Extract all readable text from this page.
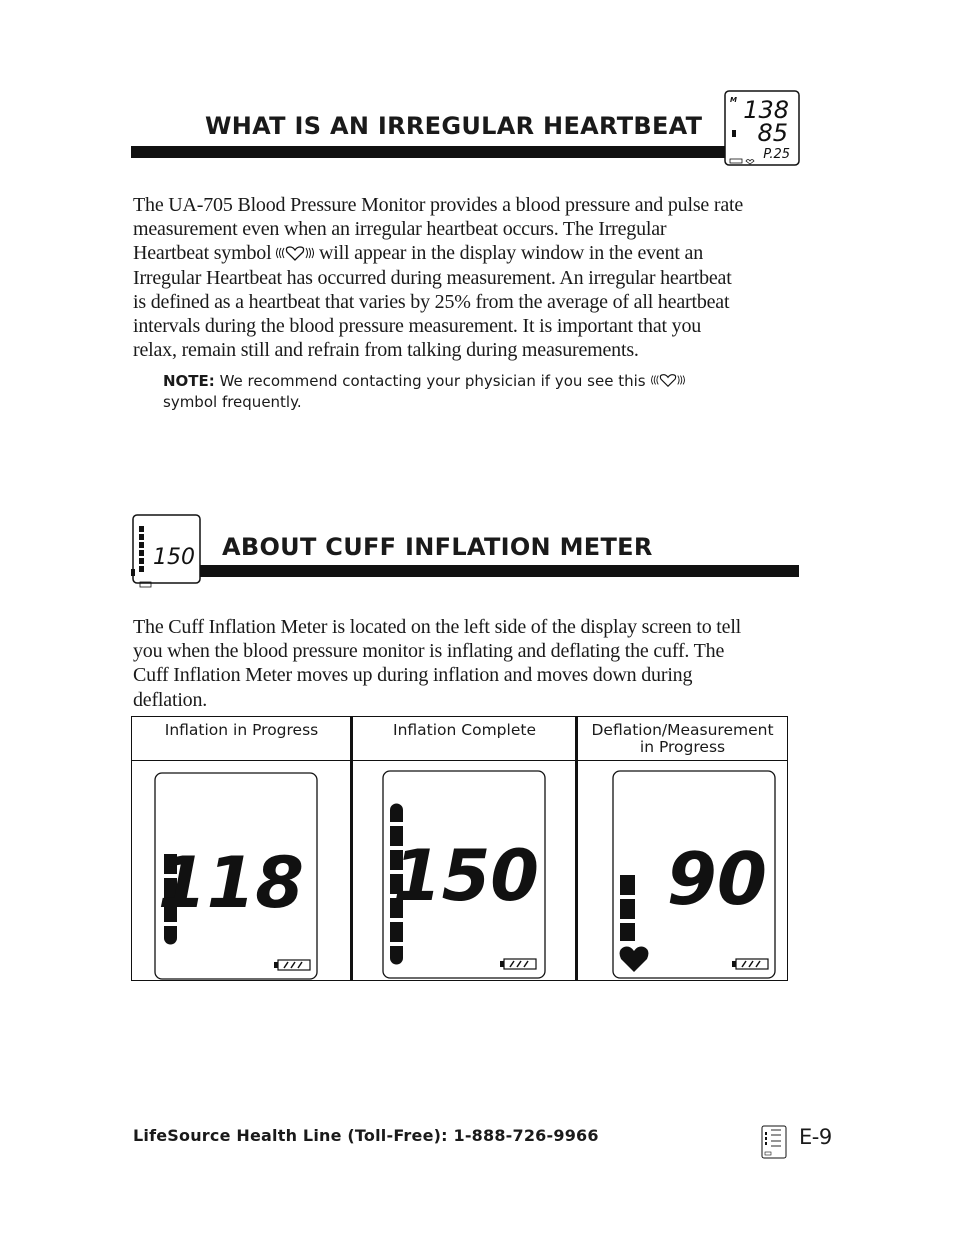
WHAT IS AN IRREGULAR HEARTBEAT
M 138
85
P.25
The UA-705 Blood Pressure Monitor provides a blood pressure and pulse rate
measurement even when an irregular heartbeat occurs. The Irregular
Heartbeat symbol will appear in the display window in the event an
Irregular Heartbeat has occurred during measurement. An irregular heartbeat
is defined as a heartbeat that varies by 25% from the average of all heartbeat
intervals during the blood pressure measurement. It is important that you
relax, remain still and refrain from talking during measurements.
NOTE: We recommend contacting your physician if you see this
symbol frequently.
150 ABOUT CUFF INFLATION METER
The Cuff Inflation Meter is located on the left side of the display screen to tell
you when the blood pressure monitor is inflating and deflating the cuff. The
Cuff Inflation Meter moves up during inflation and moves down during
deflation.
Inflation in Progress
118
Inflation Complete
150
Deflation/Measurement
in Progress
90
LifeSource Health Line (Toll-Free): 1-888-726-9966	E-9
